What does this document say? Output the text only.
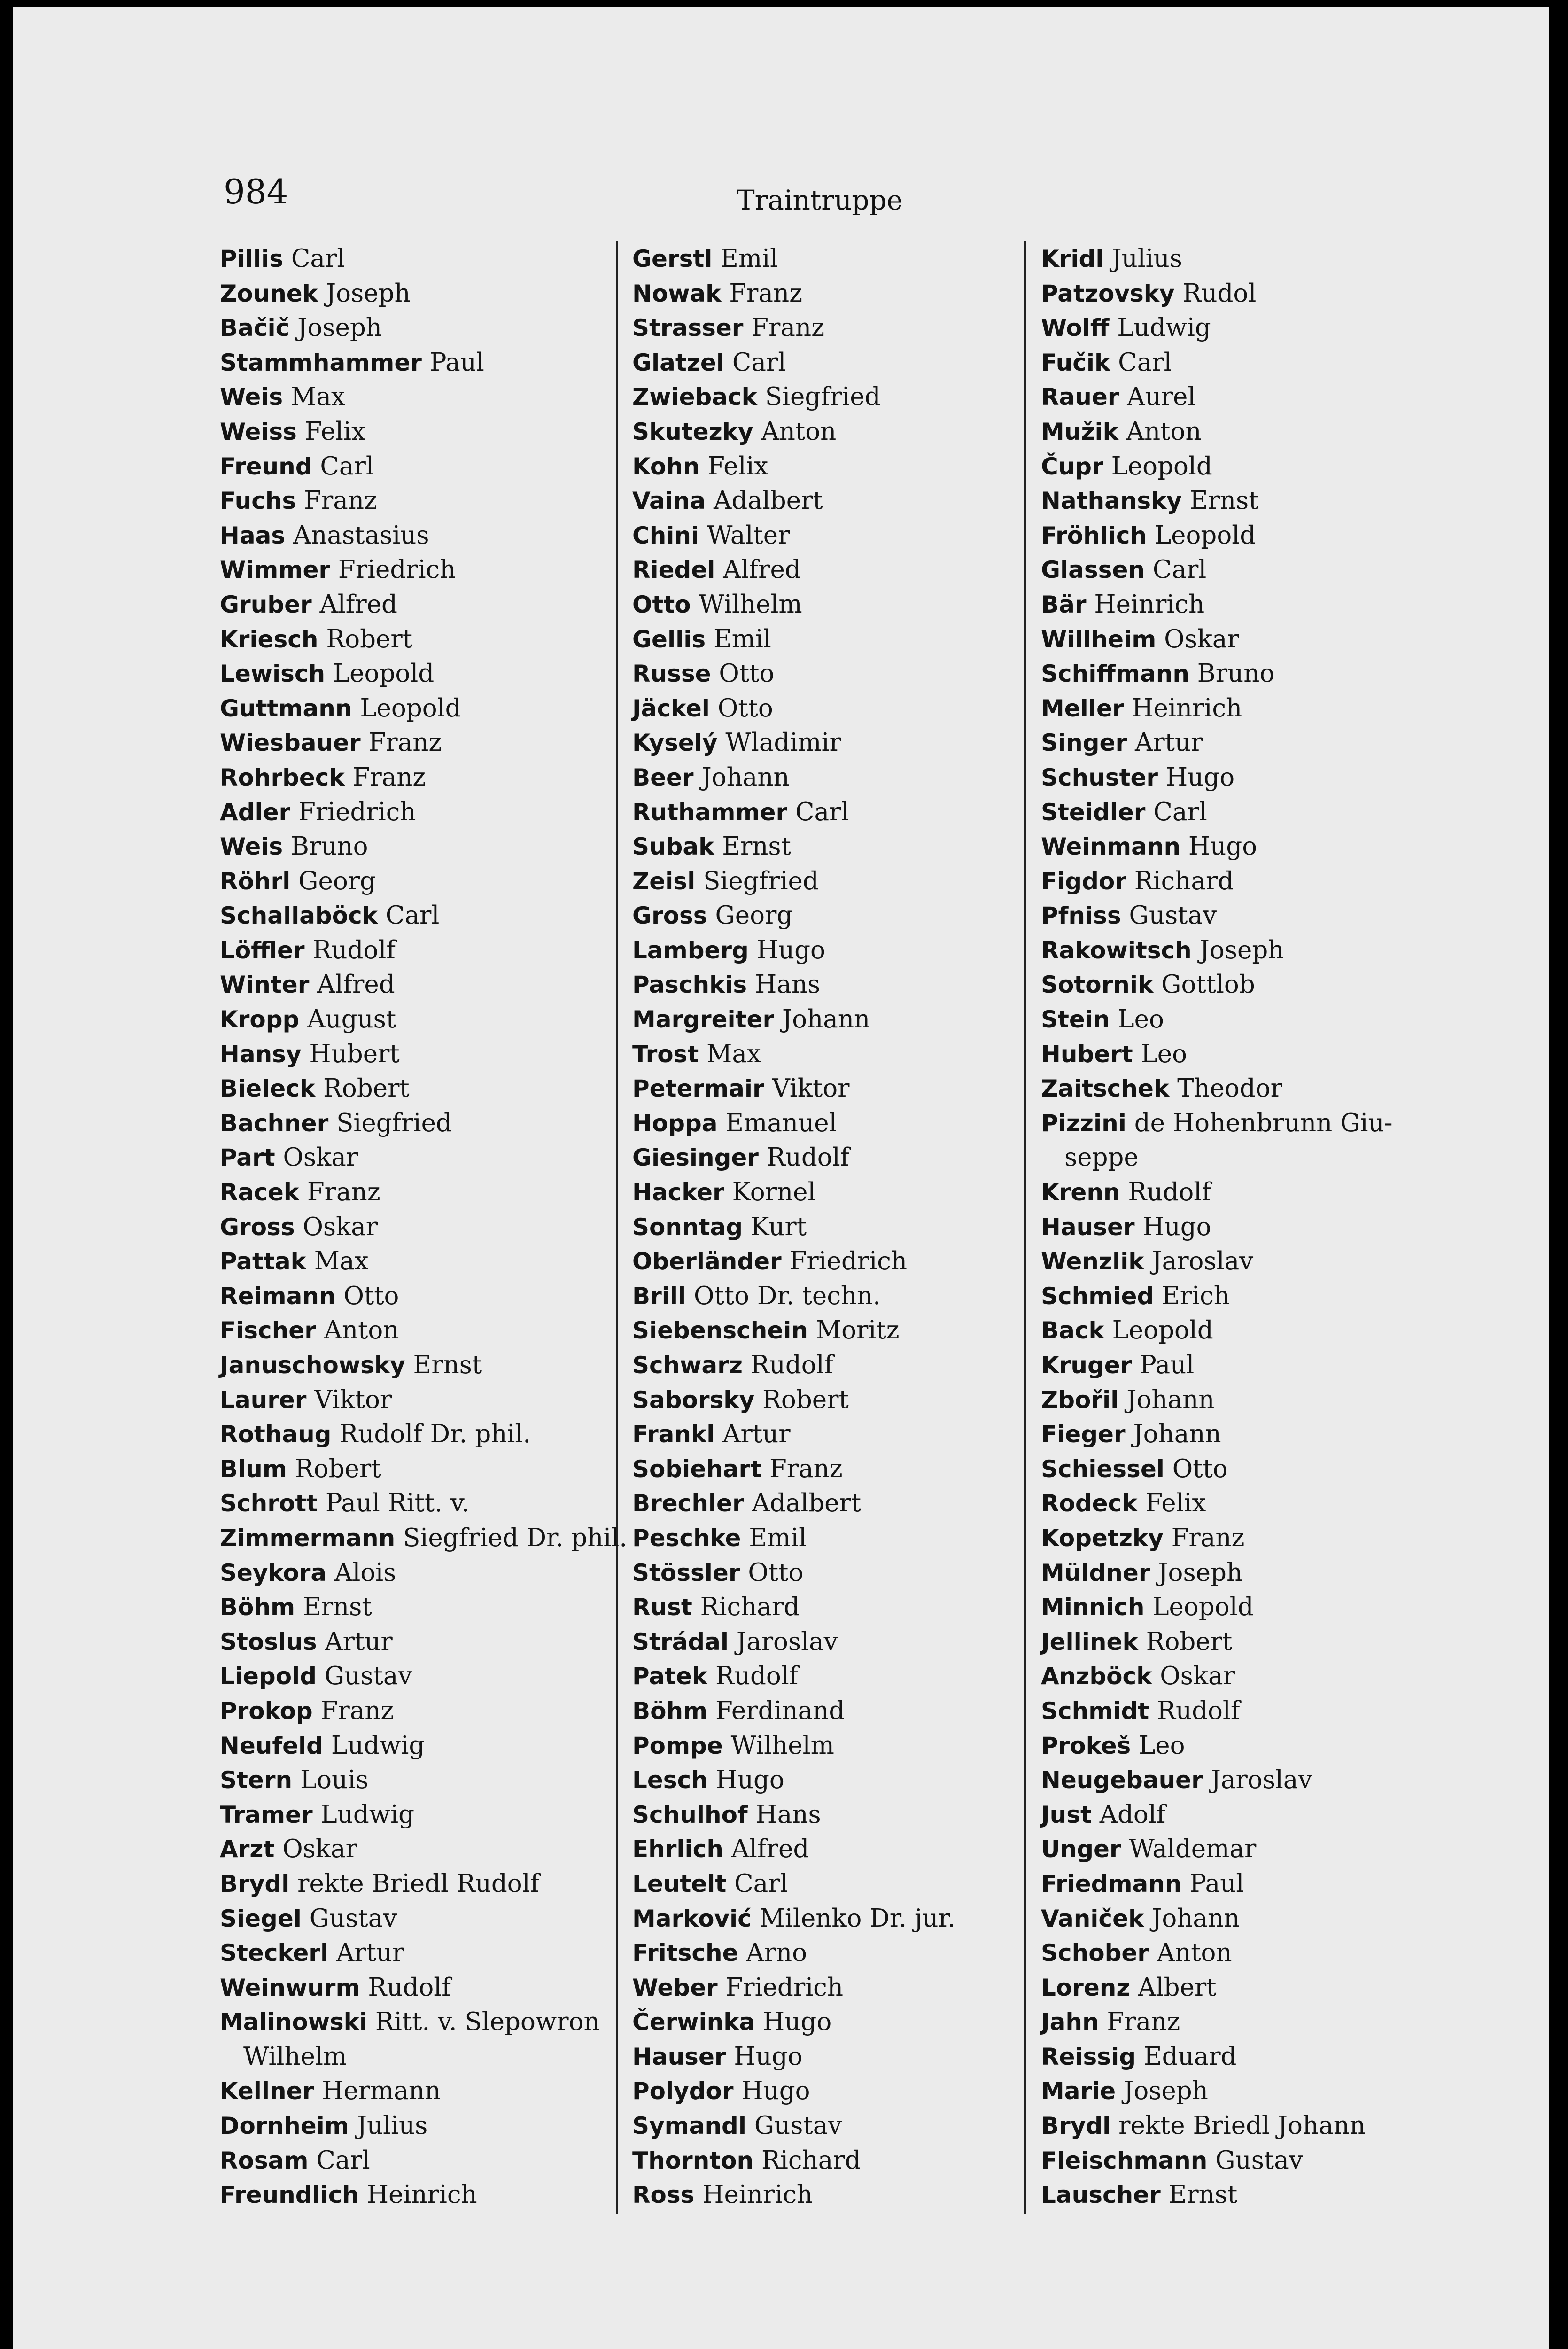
984	Traintruppe
Pillis Carl
Zounek Joseph
Bačič Joseph
Stammhammer Paul
Weis Max
Weiss Felix
Freund Carl
Fuchs Franz
Haas Anastasius
Wimmer Friedrich
Gruber Alfred
Kriesch Robert
Lewisch Leopold
Guttmann Leopold
Wiesbauer Franz
Rohrbeck Franz
Adler Friedrich
Weis Bruno
Röhrl Georg
Schallaböck Carl
Löffler Rudolf
Winter Alfred
Kropp August
Hansy Hubert
Bieleck Robert
Bachner Siegfried
Part Oskar
Racek Franz
Gross Oskar
Pattak Max
Reimann Otto
Fischer Anton
Januschowsky Ernst
Laurer Viktor
Rothaug Rudolf Dr. phil.
Blum Robert
Schrott Paul Ritt. v.
Zimmermann Siegfried Dr. phil.
Seykora Alois
Böhm Ernst
Stoslus Artur
Liepold Gustav
Prokop Franz
Neufeld Ludwig
Stern Louis
Tramer Ludwig
Arzt Oskar
Brydl rekte Briedl Rudolf
Siegel Gustav
Steckerl Artur
Weinwurm Rudolf
Malinowski Ritt. v. Slepowron
Wilhelm
Kellner Hermann
Dornheim Julius
Rosam Carl
Freundlich Heinrich
Gerstl Emil
Nowak Franz
Strasser Franz
Glatzel Carl
Zwieback Siegfried
Skutezky Anton
Kohn Felix
Vaina Adalbert
Chini Walter
Riedel Alfred
Otto Wilhelm
Gellis Emil
Russe Otto
Jäckel Otto
Kyselý Wladimir
Beer Johann
Ruthammer Carl
Subak Ernst
Zeisl Siegfried
Gross Georg
Lamberg Hugo
Paschkis Hans
Margreiter Johann
Trost Max
Petermair Viktor
Hoppa Emanuel
Giesinger Rudolf
Hacker Kornel
Sonntag Kurt
Oberländer Friedrich
Brill Otto Dr. techn.
Siebenschein Moritz
Schwarz Rudolf
Saborsky Robert
Frankl Artur
Sobiehart Franz
Brechler Adalbert
Peschke Emil
Stössler Otto
Rust Richard
Strádal Jaroslav
Patek Rudolf
Böhm Ferdinand
Pompe Wilhelm
Lesch Hugo
Schulhof Hans
Ehrlich Alfred
Leutelt Carl
Marković Milenko Dr. jur.
Fritsche Arno
Weber Friedrich
Čerwinka Hugo
Hauser Hugo
Polydor Hugo
Symandl Gustav
Thornton Richard
Ross Heinrich
Kridl Julius
Patzovsky Rudol
Wolff Ludwig
Fučik Carl
Rauer Aurel
Mužik Anton
Čupr Leopold
Nathansky Ernst
Fröhlich Leopold
Glassen Carl
Bär Heinrich
Willheim Oskar
Schiffmann Bruno
Meller Heinrich
Singer Artur
Schuster Hugo
Steidler Carl
Weinmann Hugo
Figdor Richard
Pfniss Gustav
Rakowitsch Joseph
Sotornik Gottlob
Stein Leo
Hubert Leo
Zaitschek Theodor
Pizzini de Hohenbrunn Giu-
seppe
Krenn Rudolf
Hauser Hugo
Wenzlik Jaroslav
Schmied Erich
Back Leopold
Kruger Paul
Zbořil Johann
Fieger Johann
Schiessel Otto
Rodeck Felix
Kopetzky Franz
Müldner Joseph
Minnich Leopold
Jellinek Robert
Anzböck Oskar
Schmidt Rudolf
Prokeš Leo
Neugebauer Jaroslav
Just Adolf
Unger Waldemar
Friedmann Paul
Vaniček Johann
Schober Anton
Lorenz Albert
Jahn Franz
Reissig Eduard
Marie Joseph
Brydl rekte Briedl Johann
Fleischmann Gustav
Lauscher Ernst
